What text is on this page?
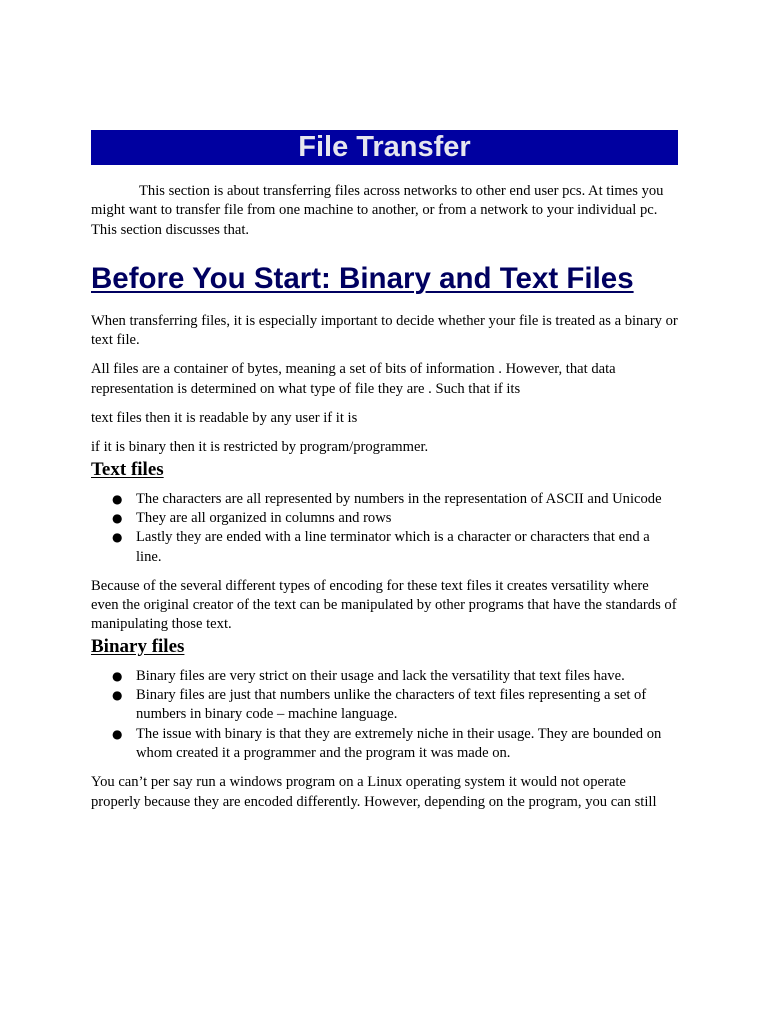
File Transfer

This section is about transferring files across networks to other end user pcs. At times you might want to transfer file from one machine to another, or from a network to your individual pc. This section discusses that.

Before You Start: Binary and Text Files

When transferring files, it is especially important to decide whether your file is treated as a binary or text file.

All files are a container of bytes, meaning a set of bits of information . However, that data representation is determined on what type of file they are . Such that if its

text files then it is readable by any user if it is

if it is binary then it is restricted by program/programmer.

Text files
● The characters are all represented by numbers in the representation of ASCII and Unicode
● They are all organized in columns and rows
● Lastly they are ended with a line terminator which is a character or characters that end a line.

Because of the several different types of encoding for these text files it creates versatility where even the original creator of the text can be manipulated by other programs that have the standards of manipulating those text.

Binary files
● Binary files are very strict on their usage and lack the versatility that text files have.
● Binary files are just that numbers unlike the characters of text files representing a set of numbers in binary code – machine language.
● The issue with binary is that they are extremely niche in their usage. They are bounded on whom created it a programmer and the program it was made on.

You can’t per say run a windows program on a Linux operating system it would not operate properly because they are encoded differently. However, depending on the program, you can still
